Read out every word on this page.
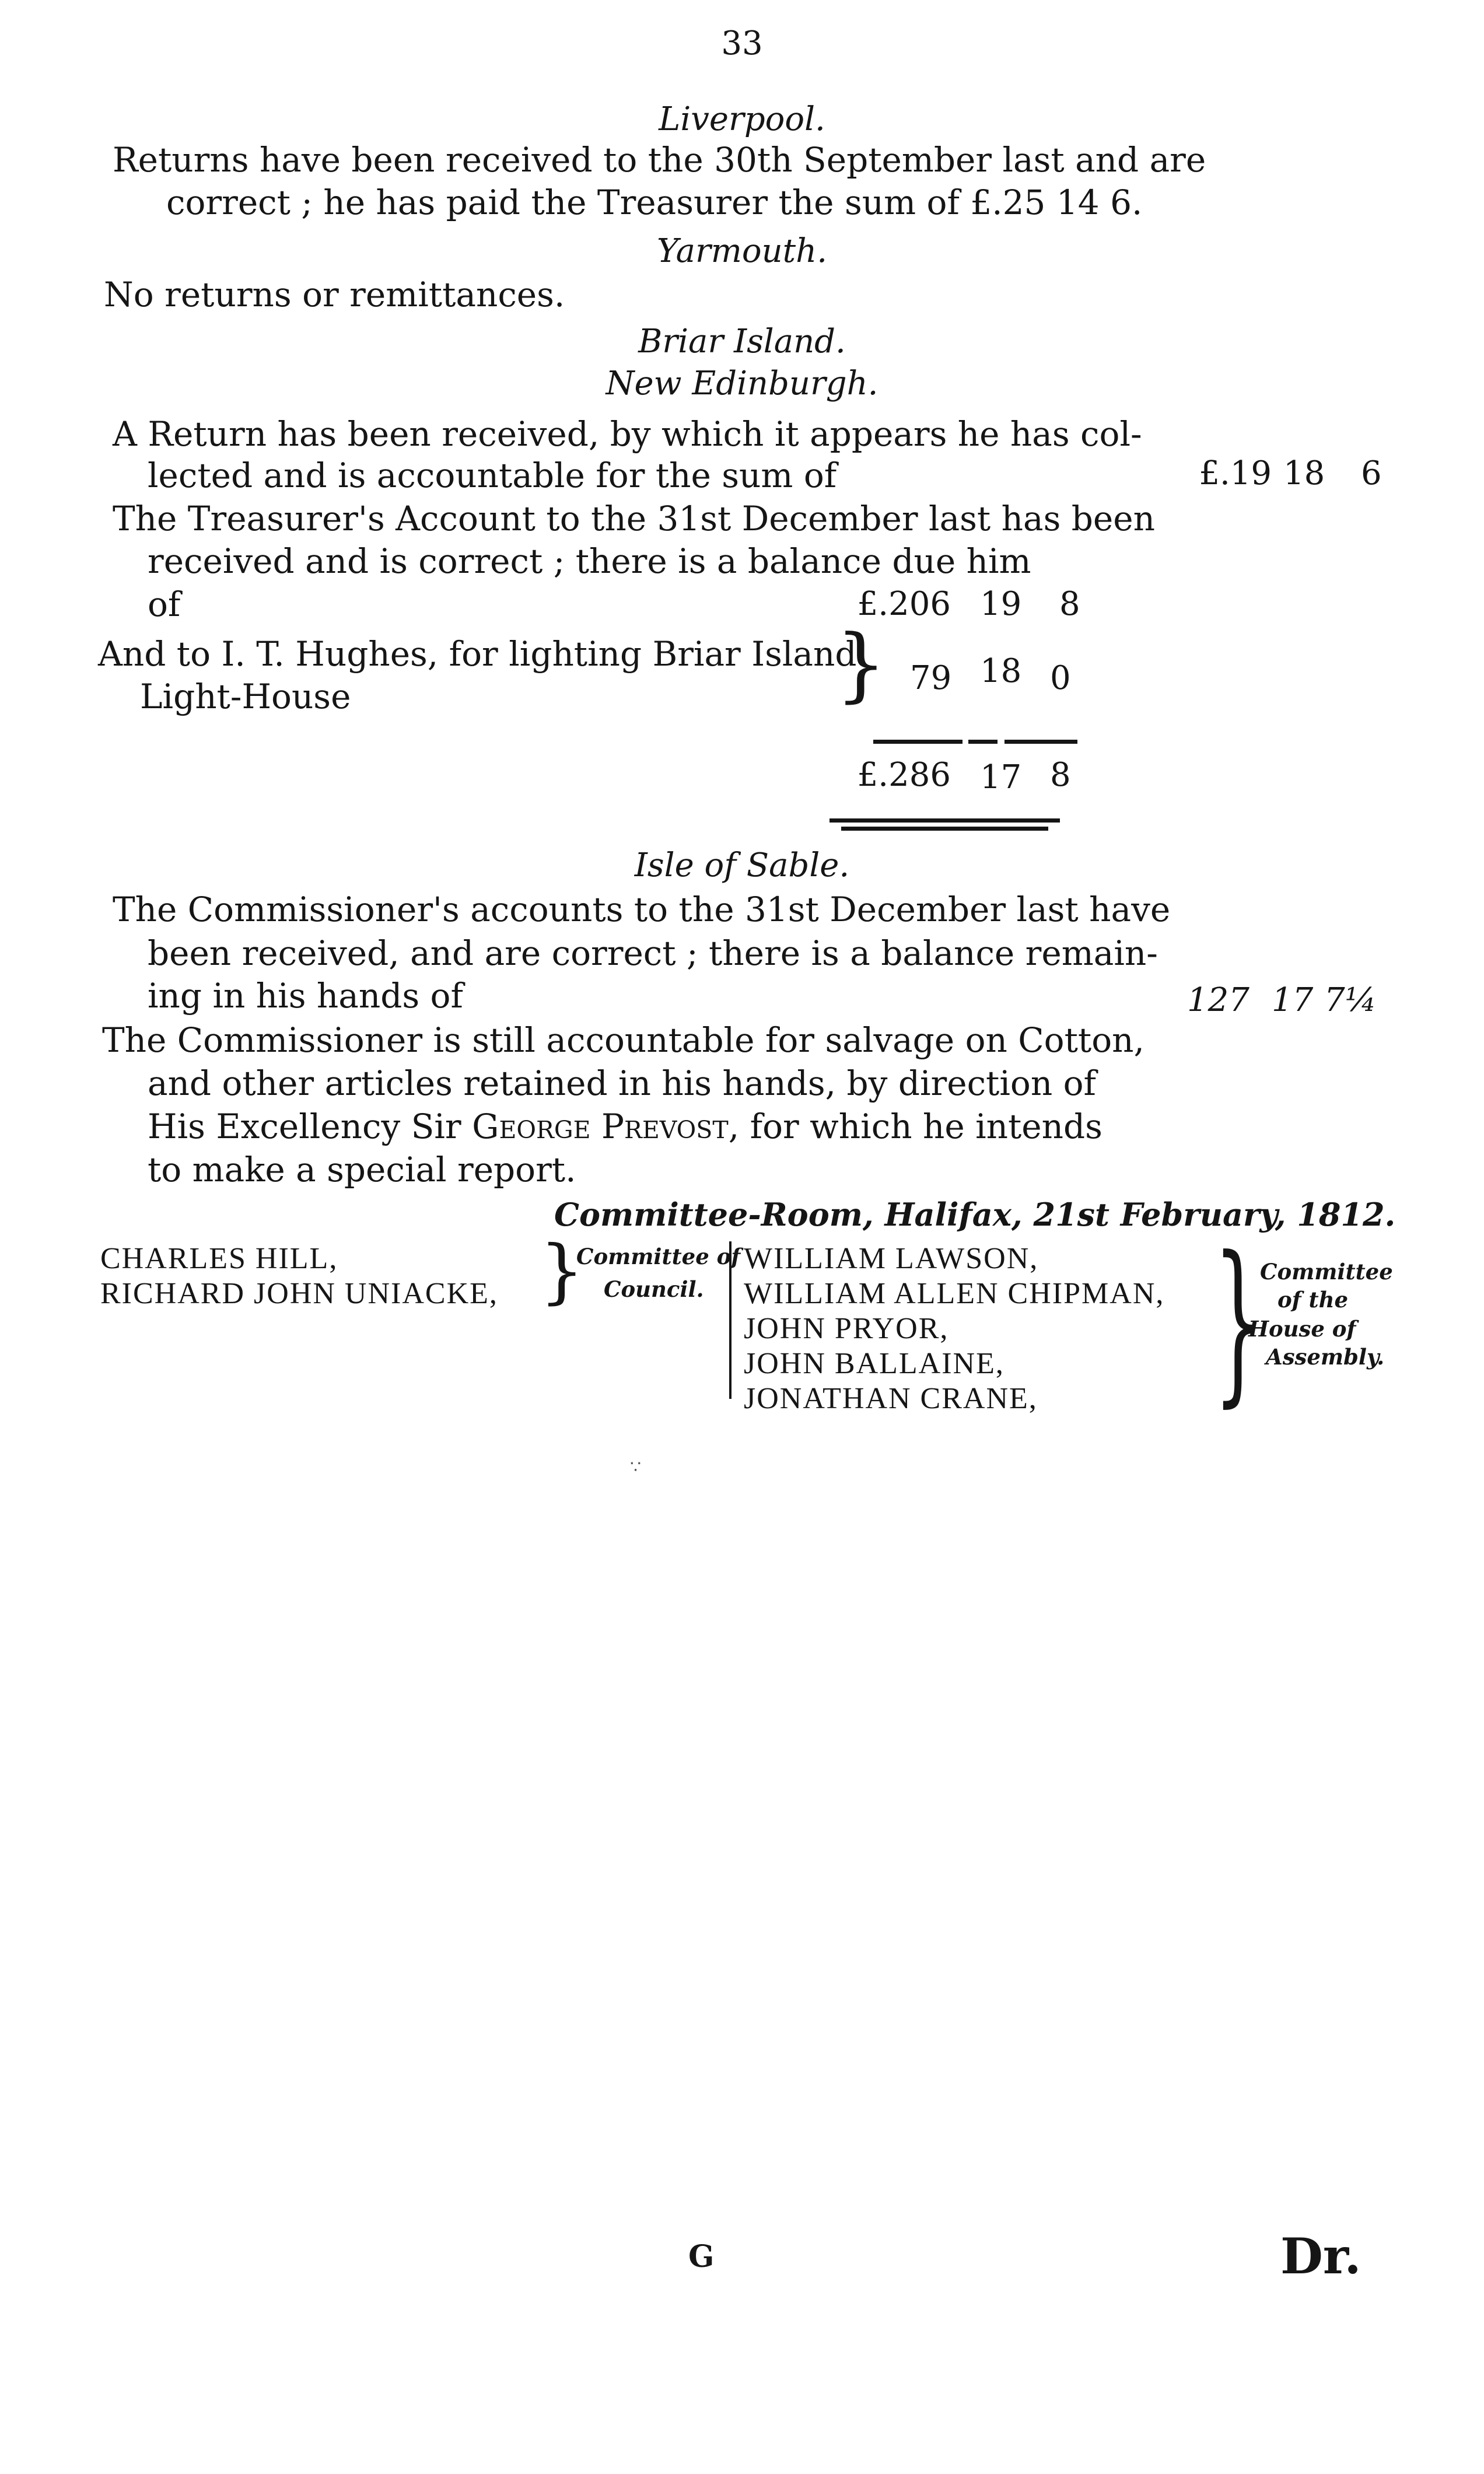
33
Liverpool.
Returns have been received to the 30th September last and are
correct ; he has paid the Treasurer the sum of £.25 14 6.
Yarmouth.
No returns or remittances.
Briar Island.
New Edinburgh.
A Return has been received, by which it appears he has col-
lected and is accountable for the sum of	£.19 18 6
The Treasurer's Account to the 31st December last has been
received and is correct ; there is a balance due him
of	£.206 19 8
And to I. T. Hughes, for lighting Briar Island
Light-House	} 79 18 0
£.286 17 8
Isle of Sable.
The Commissioner's accounts to the 31st December last have
been received, and are correct ; there is a balance remain-
ing in his hands of	127 17 7¼
The Commissioner is still accountable for salvage on Cotton,
and other articles retained in his hands, by direction of
His Excellency Sir George Prevost, for which he intends
to make a special report.
Committee-Room, Halifax, 21st February, 1812.
CHARLES HILL,
RICHARD JOHN UNIACKE, }
Committee of
Council.
WILLIAM LAWSON,
WILLIAM ALLEN CHIPMAN,
JOHN PRYOR,
JOHN BALLAINE,
JONATHAN CRANE, }
Committee
of the
House of
Assembly.
∵
G	Dr.
